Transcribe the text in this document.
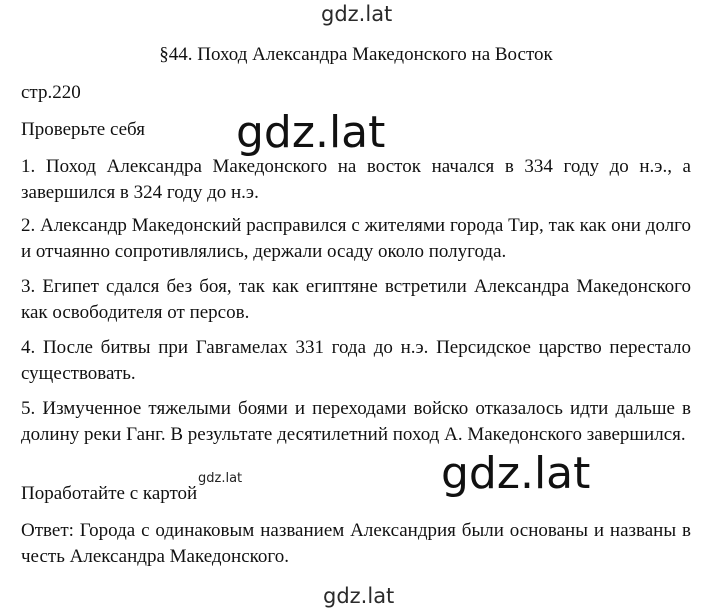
gdz.lat
gdz.lat
§44. Поход Александра Македонского на Восток
стр.220
Проверьте себя
1. Поход Александра Македонского на восток начался в 334 году до н.э., а завершился в 324 году до н.э.
2. Александр Македонский расправился с жителями города Тир, так как они долго и отчаянно сопротивлялись, держали осаду около полугода.
3. Египет сдался без боя, так как египтяне встретили Александра Македонского как освободителя от персов.
4. После битвы при Гавгамелах 331 года до н.э. Персидское царство перестало существовать.
5. Измученное тяжелыми боями и переходами войско отказалось идти дальше в долину реки Ганг. В результате десятилетний поход А. Македонского завершился.
Поработайте с картой
Ответ: Города с одинаковым названием Александрия были основаны и названы в честь Александра Македонского.
gdz.lat	gdz.lat
gdz.lat
